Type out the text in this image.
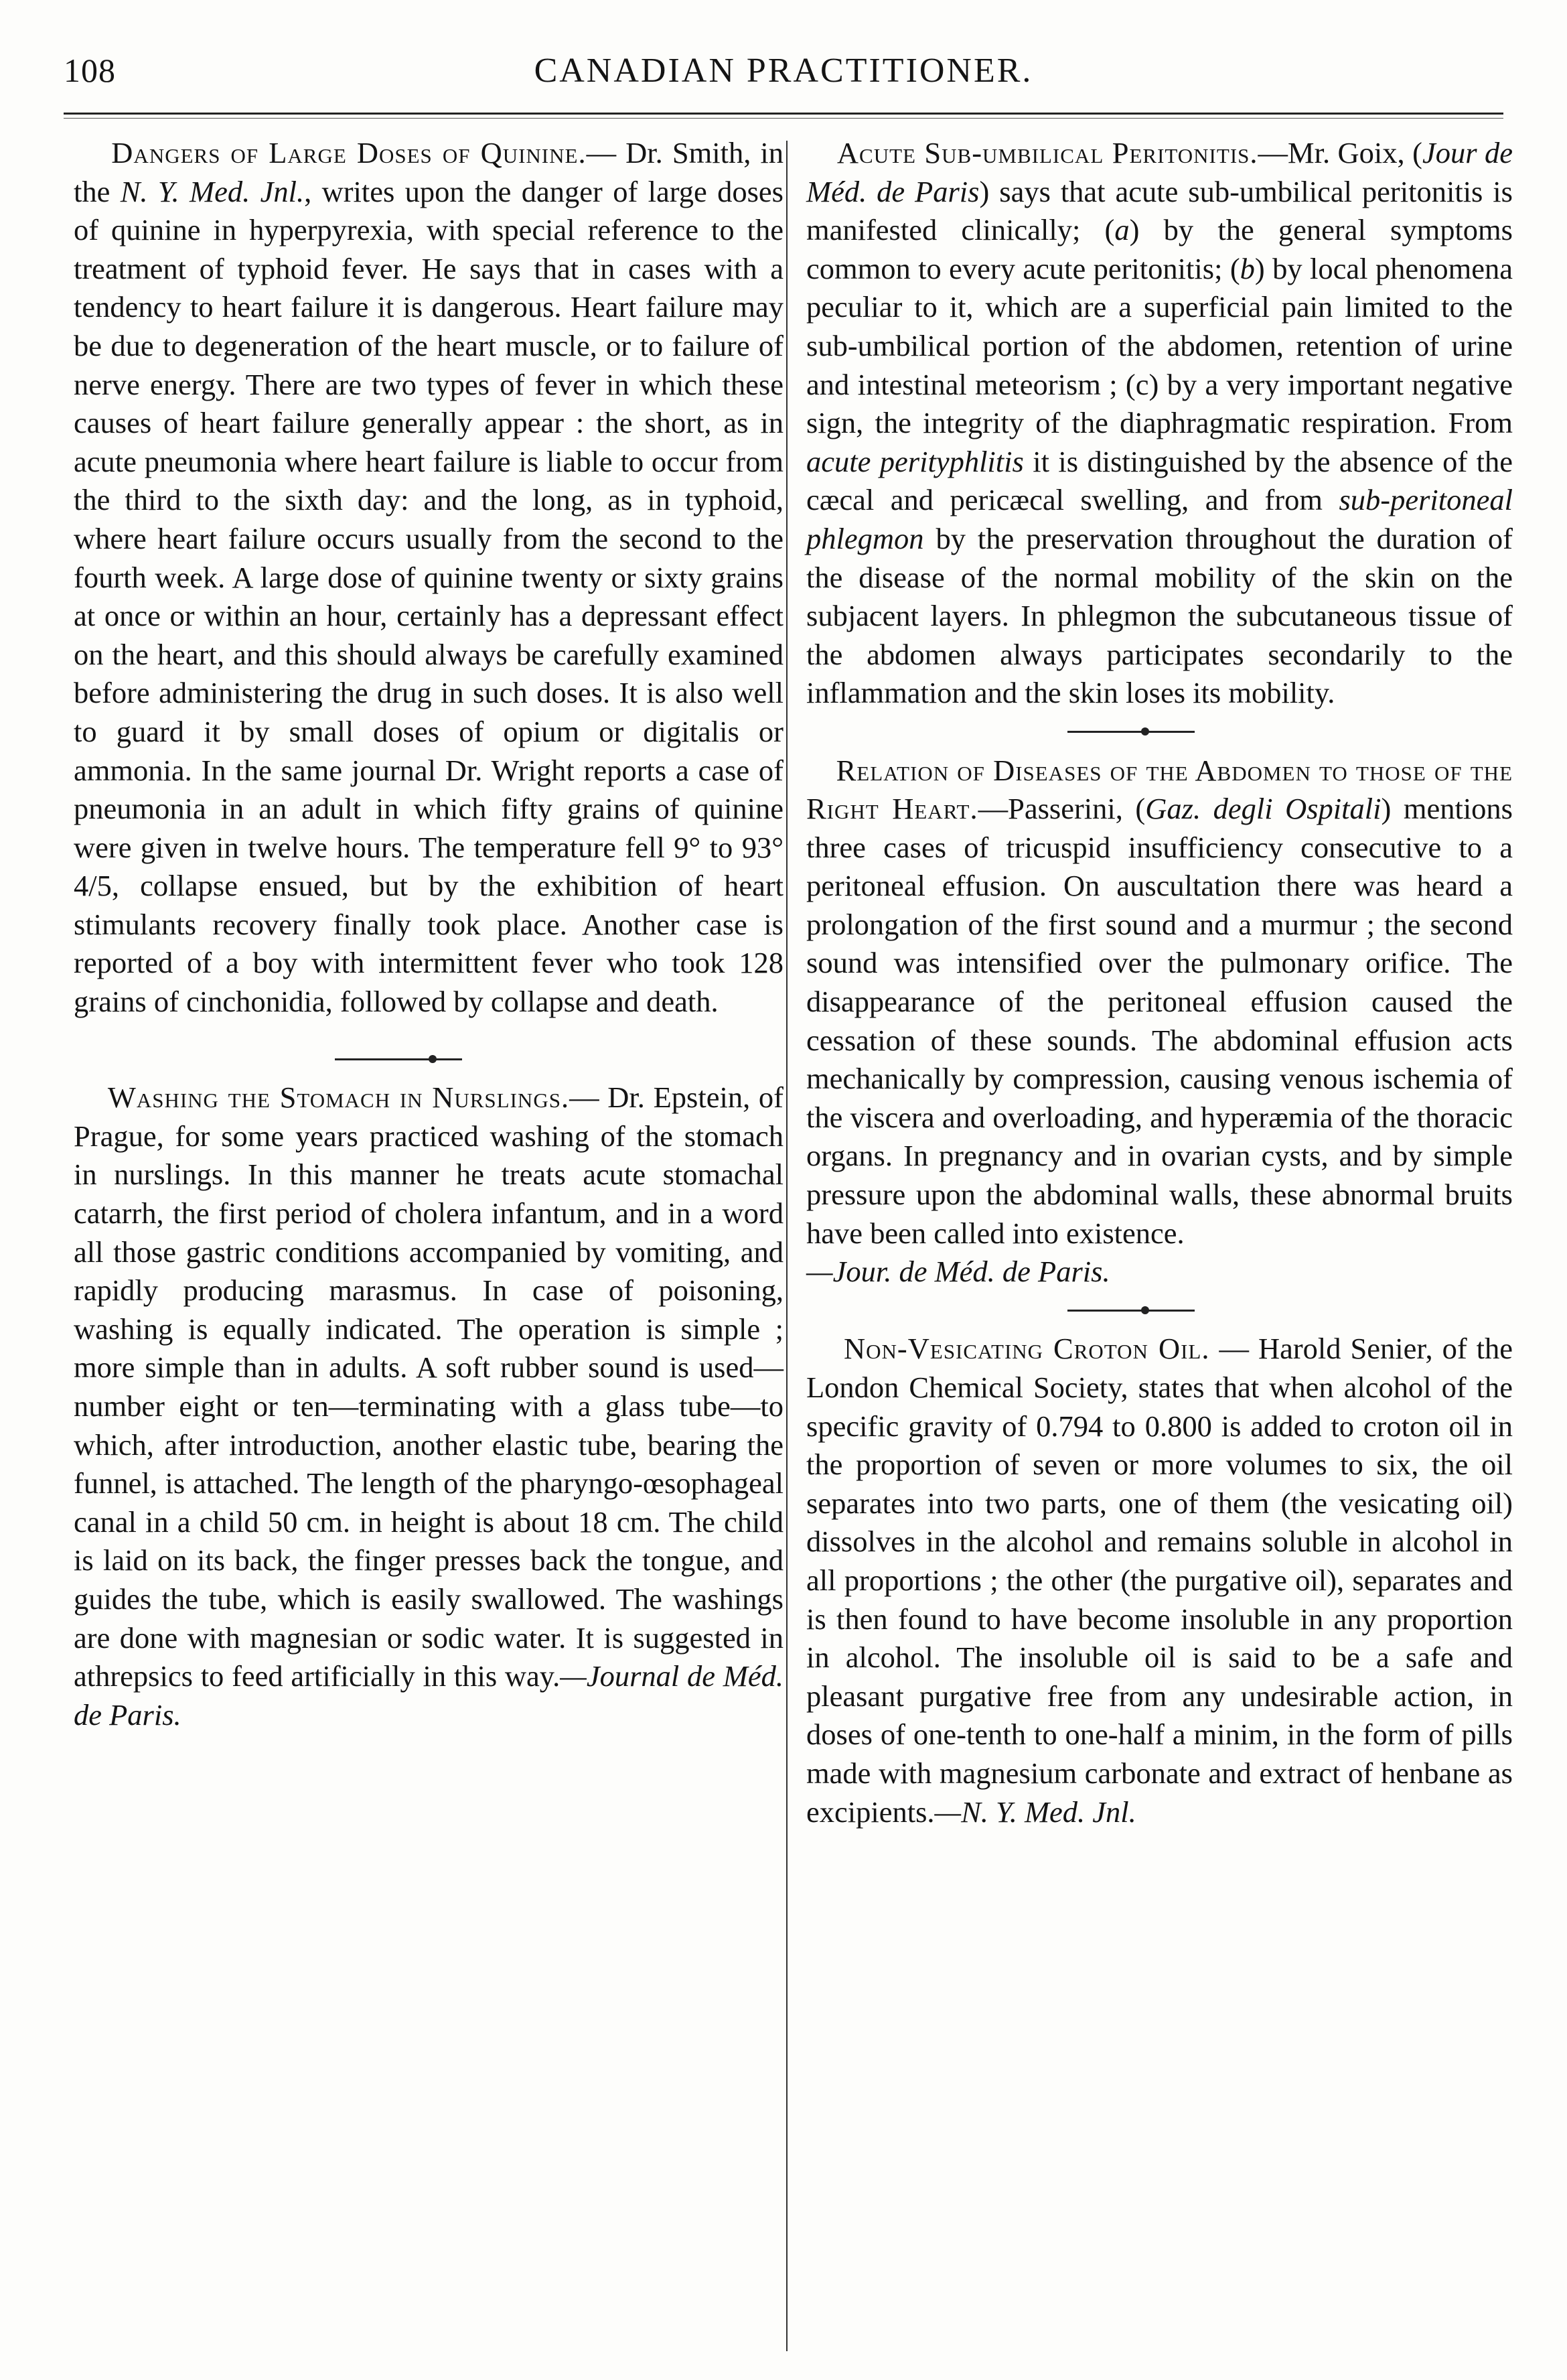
108	CANADIAN PRACTITIONER.

Dangers of Large Doses of Quinine.— Dr. Smith, in the N. Y. Med. Jnl., writes upon the danger of large doses of quinine in hyperpyrexia, with special reference to the treatment of typhoid fever. He says that in cases with a tendency to heart failure it is dangerous. Heart failure may be due to degeneration of the heart muscle, or to failure of nerve energy. There are two types of fever in which these causes of heart failure generally appear : the short, as in acute pneumonia where heart failure is liable to occur from the third to the sixth day: and the long, as in typhoid, where heart failure occurs usually from the second to the fourth week. A large dose of quinine twenty or sixty grains at once or within an hour, certainly has a depressant effect on the heart, and this should always be carefully examined before administering the drug in such doses. It is also well to guard it by small doses of opium or digitalis or ammonia. In the same journal Dr. Wright reports a case of pneumonia in an adult in which fifty grains of quinine were given in twelve hours. The temperature fell 9° to 93° 4/5, collapse ensued, but by the exhibition of heart stimulants recovery finally took place. Another case is reported of a boy with intermittent fever who took 128 grains of cinchonidia, followed by collapse and death.

Washing the Stomach in Nurslings.— Dr. Epstein, of Prague, for some years practiced washing of the stomach in nurslings. In this manner he treats acute stomachal catarrh, the first period of cholera infantum, and in a word all those gastric conditions accompanied by vomiting, and rapidly producing marasmus. In case of poisoning, washing is equally indicated. The operation is simple ; more simple than in adults. A soft rubber sound is used—number eight or ten—terminating with a glass tube—to which, after introduction, another elastic tube, bearing the funnel, is attached. The length of the pharyngo-œsophageal canal in a child 50 cm. in height is about 18 cm. The child is laid on its back, the finger presses back the tongue, and guides the tube, which is easily swallowed. The washings are done with magnesian or sodic water. It is suggested in athrepsics to feed artificially in this way.—Journal de Méd. de Paris.

Acute Sub-umbilical Peritonitis.—Mr. Goix, (Jour de Méd. de Paris) says that acute sub-umbilical peritonitis is manifested clinically; (a) by the general symptoms common to every acute peritonitis; (b) by local phenomena peculiar to it, which are a superficial pain limited to the sub-umbilical portion of the abdomen, retention of urine and intestinal meteorism ; (c) by a very important negative sign, the integrity of the diaphragmatic respiration. From acute perityphlitis it is distinguished by the absence of the cæcal and pericæcal swelling, and from sub-peritoneal phlegmon by the preservation throughout the duration of the disease of the normal mobility of the skin on the subjacent layers. In phlegmon the subcutaneous tissue of the abdomen always participates secondarily to the inflammation and the skin loses its mobility.

Relation of Diseases of the Abdomen to those of the Right Heart.—Passerini, (Gaz. degli Ospitali) mentions three cases of tricuspid insufficiency consecutive to a peritoneal effusion. On auscultation there was heard a prolongation of the first sound and a murmur ; the second sound was intensified over the pulmonary orifice. The disappearance of the peritoneal effusion caused the cessation of these sounds. The abdominal effusion acts mechanically by compression, causing venous ischemia of the viscera and overloading, and hyperæmia of the thoracic organs. In pregnancy and in ovarian cysts, and by simple pressure upon the abdominal walls, these abnormal bruits have been called into existence.
—Jour. de Méd. de Paris.

Non-Vesicating Croton Oil. — Harold Senier, of the London Chemical Society, states that when alcohol of the specific gravity of 0.794 to 0.800 is added to croton oil in the proportion of seven or more volumes to six, the oil separates into two parts, one of them (the vesicating oil) dissolves in the alcohol and remains soluble in alcohol in all proportions ; the other (the purgative oil), separates and is then found to have become insoluble in any proportion in alcohol. The insoluble oil is said to be a safe and pleasant purgative free from any undesirable action, in doses of one-tenth to one-half a minim, in the form of pills made with magnesium carbonate and extract of henbane as excipients.—N. Y. Med. Jnl.
